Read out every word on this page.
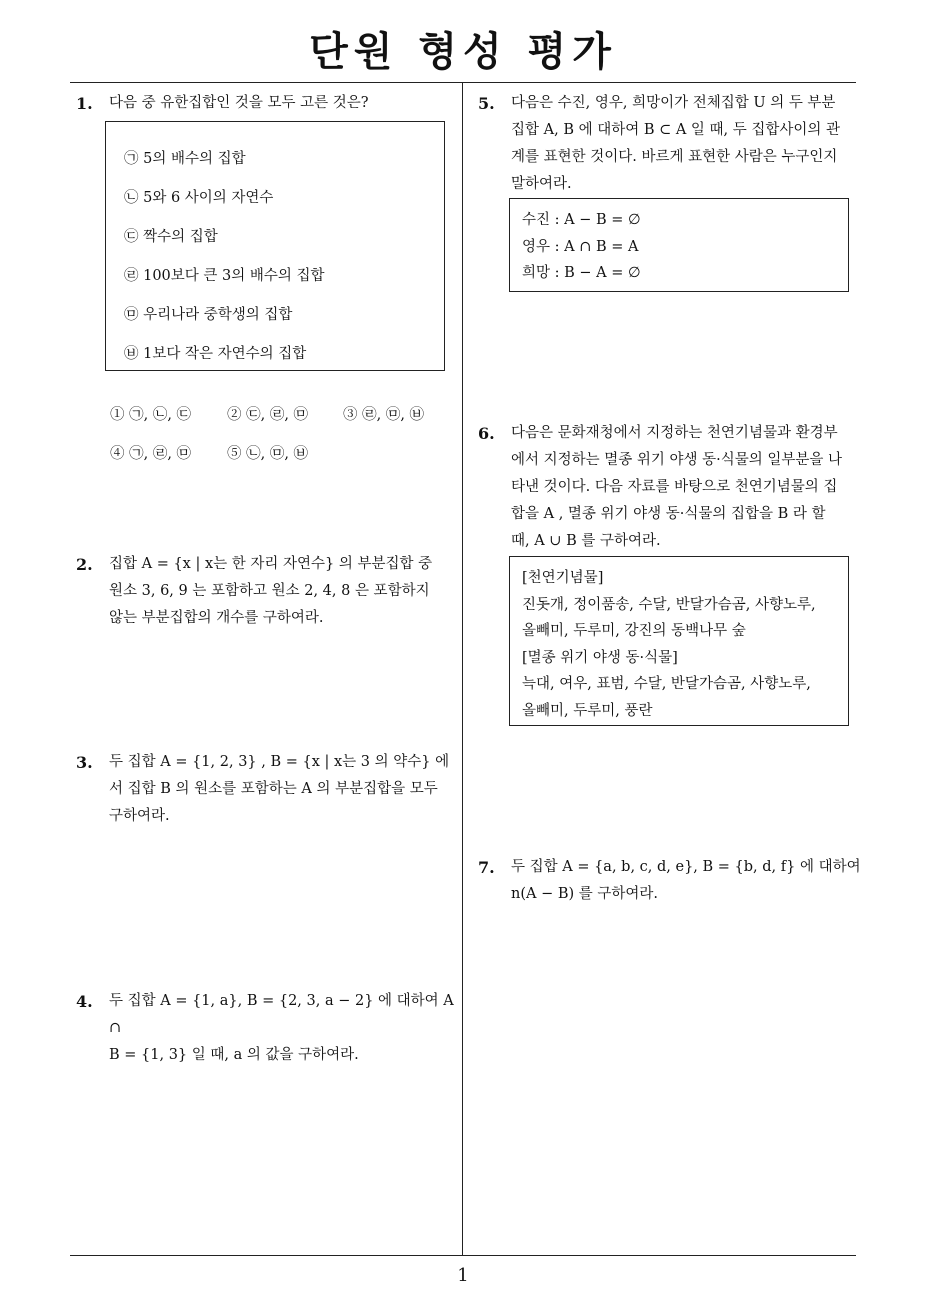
단원 형성 평가
1
1. 다음 중 유한집합인 것을 모두 고른 것은?
㉠ 5의 배수의 집합
㉡ 5와 6 사이의 자연수
㉢ 짝수의 집합
㉣ 100보다 큰 3의 배수의 집합
㉤ 우리나라 중학생의 집합
㉥ 1보다 작은 자연수의 집합
① ㉠, ㉡, ㉢ ② ㉢, ㉣, ㉤ ③ ㉣, ㉤, ㉥
④ ㉠, ㉣, ㉤ ⑤ ㉡, ㉤, ㉥
2. 집합 A = {x | x는 한 자리 자연수} 의 부분집합 중
원소 3, 6, 9 는 포함하고 원소 2, 4, 8 은 포함하지
않는 부분집합의 개수를 구하여라.
3. 두 집합 A = {1, 2, 3} , B = {x | x는 3 의 약수} 에
서 집합 B 의 원소를 포함하는 A 의 부분집합을 모두
구하여라.
4. 두 집합 A = {1, a}, B = {2, 3, a − 2} 에 대하여 A ∩
B = {1, 3} 일 때, a 의 값을 구하여라.
5. 다음은 수진, 영우, 희망이가 전체집합 U 의 두 부분
집합 A, B 에 대하여 B ⊂ A 일 때, 두 집합사이의 관
계를 표현한 것이다. 바르게 표현한 사람은 누구인지
말하여라.
수진 : A − B = ∅
영우 : A ∩ B = A
희망 : B − A = ∅
6. 다음은 문화재청에서 지정하는 천연기념물과 환경부
에서 지정하는 멸종 위기 야생 동·식물의 일부분을 나
타낸 것이다. 다음 자료를 바탕으로 천연기념물의 집
합을 A , 멸종 위기 야생 동·식물의 집합을 B 라 할
때, A ∪ B 를 구하여라.
[천연기념물]
진돗개, 정이품송, 수달, 반달가슴곰, 사향노루,
올빼미, 두루미, 강진의 동백나무 숲
[멸종 위기 야생 동·식물]
늑대, 여우, 표범, 수달, 반달가슴곰, 사향노루,
올빼미, 두루미, 풍란
7. 두 집합 A = {a, b, c, d, e}, B = {b, d, f} 에 대하여
n(A − B) 를 구하여라.
